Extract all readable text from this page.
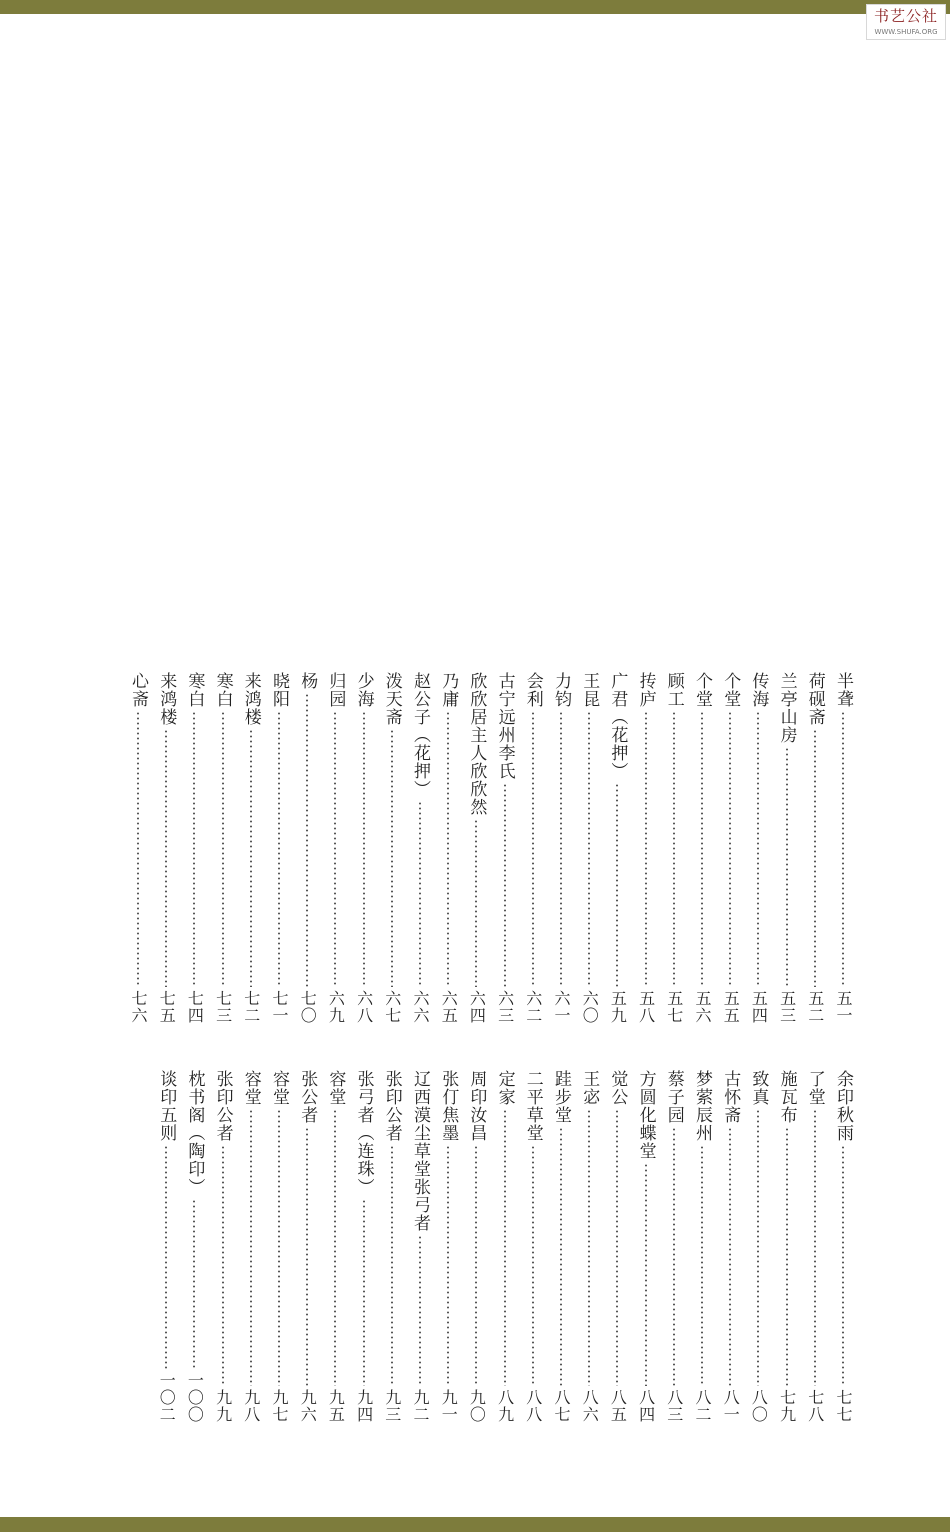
书艺公社
WWW.SHUFA.ORG
半聋
五一
荷砚斋
五二
兰亭山房
五三
传海
五四
个堂
五五
个堂
五六
顾工
五七
抟庐
五八
广君（花押）
五九
王昆
六〇
力钧
六一
会利
六二
古宁远州李氏
六三
欣欣居主人欣欣然
六四
乃庸
六五
赵公子（花押）
六六
泼天斋
六七
少海
六八
归园
六九
杨
七〇
晓阳
七一
来鸿楼
七二
寒白
七三
寒白
七四
来鸿楼
七五
心斋
七六
余印秋雨
七七
了堂
七八
施瓦布
七九
致真
八〇
古怀斋
八一
梦萦辰州
八二
蔡子园
八三
方圆化蝶堂
八四
觉公
八五
王宓
八六
跬步堂
八七
二平草堂
八八
定家
八九
周印汝昌
九〇
张仃焦墨
九一
辽西漠尘草堂张弓者
九二
张印公者
九三
张弓者（连珠）
九四
容堂
九五
张公者
九六
容堂
九七
容堂
九八
张印公者
九九
枕书阁（陶印）
一〇〇
谈印五则
一〇二
